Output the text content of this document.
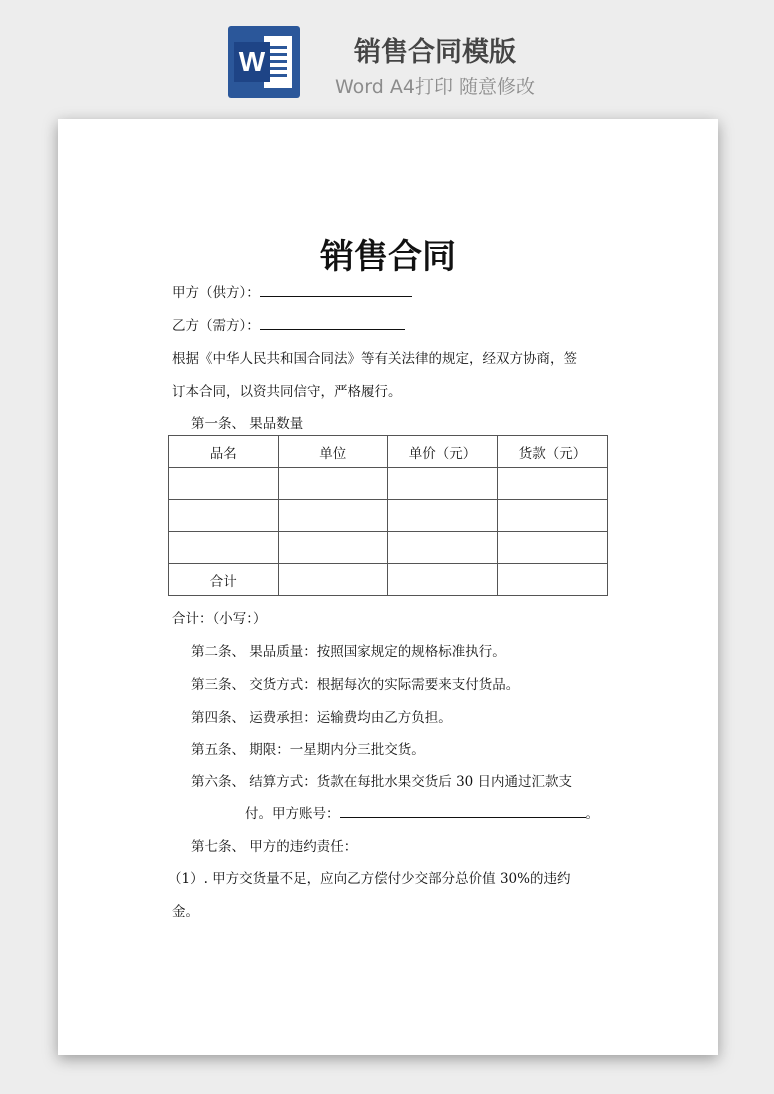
W	销售合同模版
Word A4打印 随意修改
销售合同
甲方（供方）：
乙方（需方）：
根据《中华人民共和国合同法》等有关法律的规定，经双方协商，签
订本合同，以资共同信守，严格履行。
第一条、 果品数量
品名	单位	单价（元）	货款（元）

合计			
合计：（小写：）
第二条、 果品质量：按照国家规定的规格标准执行。
第三条、 交货方式：根据每次的实际需要来支付货品。
第四条、 运费承担：运输费均由乙方负担。
第五条、 期限：一星期内分三批交货。
第六条、 结算方式：货款在每批水果交货后 30 日内通过汇款支
付。甲方账号：	。
第七条、 甲方的违约责任：
（1）. 甲方交货量不足，应向乙方偿付少交部分总价值 30%的违约
金。
